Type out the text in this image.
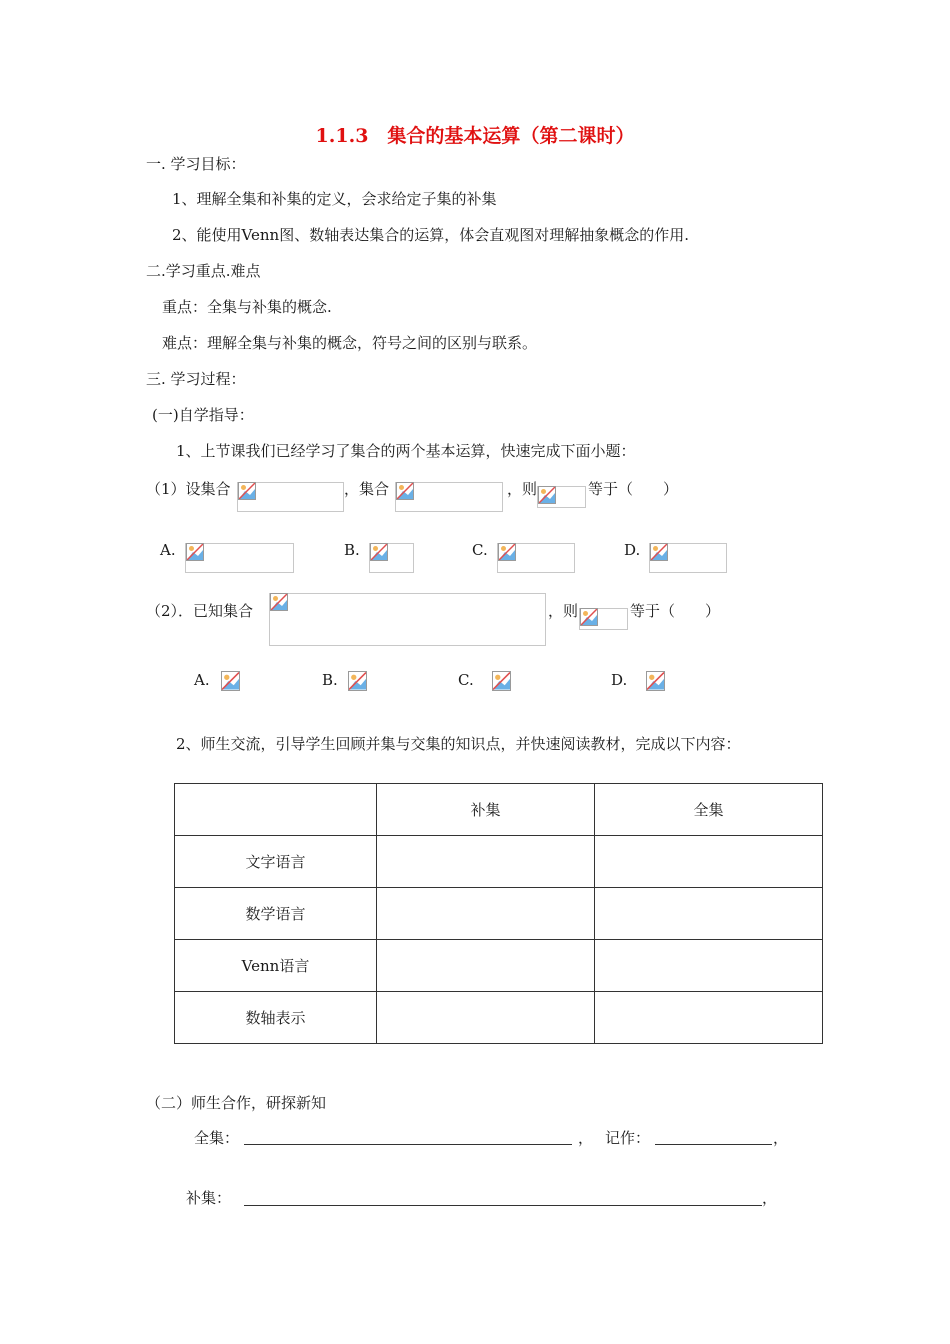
1.1.3　集合的基本运算（第二课时）
一. 学习目标：
1、理解全集和补集的定义，会求给定子集的补集
2、能使用Venn图、数轴表达集合的运算，体会直观图对理解抽象概念的作用.
二.学习重点.难点
重点：全集与补集的概念.
难点：理解全集与补集的概念，符号之间的区别与联系。
三. 学习过程：
(一)自学指导：
1、上节课我们已经学习了集合的两个基本运算，快速完成下面小题：
（1）设集合	，集合	，则	等于（　　）
A.	B.	C.	D.
（2）．已知集合	，则	等于（　　）
A.	B.	C.	D.
2、师生交流，引导学生回顾并集与交集的知识点，并快速阅读教材，完成以下内容：
	补集	全集
文字语言		
数学语言		
Venn语言		
数轴表示		
（二）师生合作，研探新知
全集：	， 记作：	，
补集：	，
